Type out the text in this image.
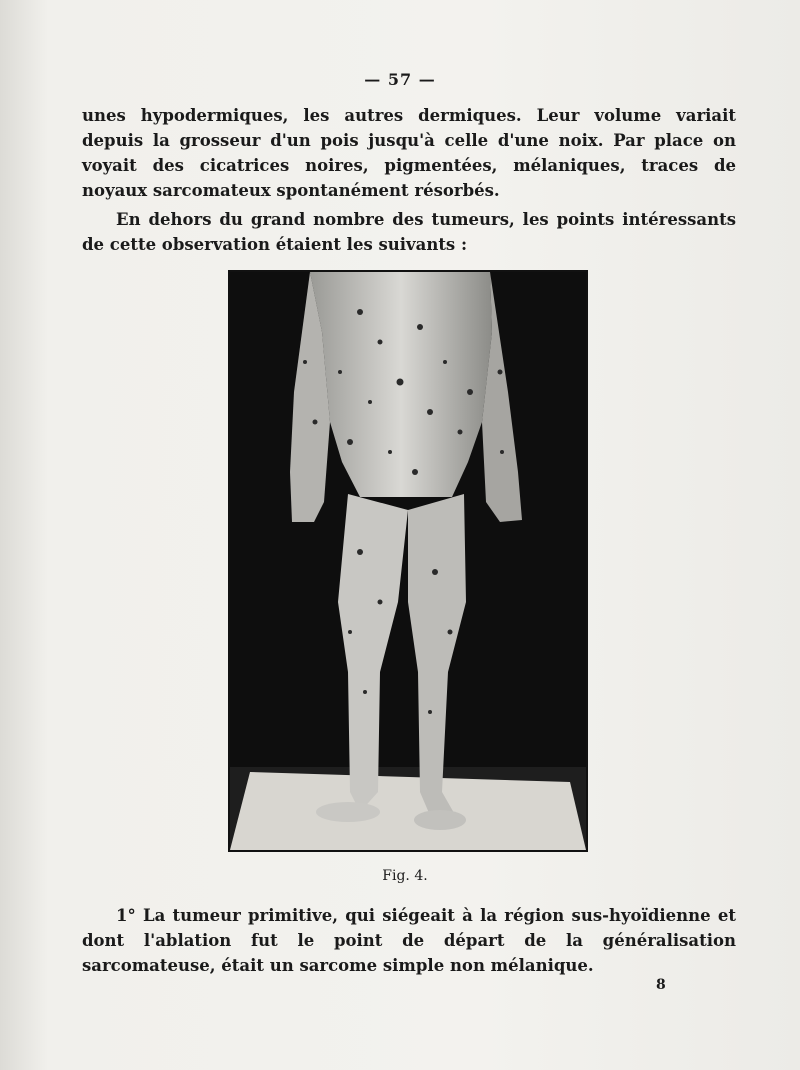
— 57 —

unes hypodermiques, les autres dermiques. Leur volume variait depuis la grosseur d'un pois jusqu'à celle d'une noix. Par place on voyait des cicatrices noires, pigmentées, mélaniques, traces de noyaux sarcomateux spontanément résorbés.

En dehors du grand nombre des tumeurs, les points intéressants de cette observation étaient les suivants :

Fig. 4.

1° La tumeur primitive, qui siégeait à la région sus-hyoïdienne et dont l'ablation fut le point de départ de la généralisation sarcomateuse, était un sarcome simple non mélanique.

8
